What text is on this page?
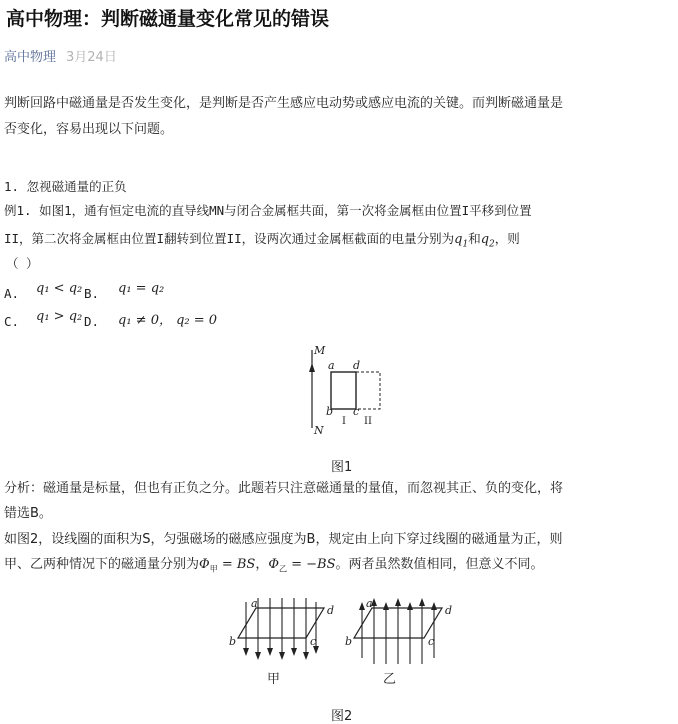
高中物理：判断磁通量变化常见的错误
高中物理 3月24日
判断回路中磁通量是否发生变化，是判断是否产生感应电动势或感应电流的关键。而判断磁通量是
否变化，容易出现以下问题。
1. 忽视磁通量的正负
例1. 如图1，通有恒定电流的直导线MN与闭合金属框共面，第一次将金属框由位置I平移到位置
II，第二次将金属框由位置I翻转到位置II，设两次通过金属框截面的电量分别为$q_1$和$q_2$，则
（ ）
A. q₁ < q₂ B. q₁ = q₂
C. q₁ > q₂ D. q₁ ≠ 0， q₂ = 0
M
N
a d
b c
I II
图1
分析：磁通量是标量，但也有正负之分。此题若只注意磁通量的量值，而忽视其正、负的变化，将
错选B。
如图2，设线圈的面积为S，匀强磁场的磁感应强度为B，规定由上向下穿过线圈的磁通量为正，则
甲、乙两种情况下的磁通量分别为$\Phi_甲$ = BS，$\Phi_乙 = -BS$。两者虽然数值相同，但意义不同。
a
d
b	c
a
d
b	c
甲	乙
图2
